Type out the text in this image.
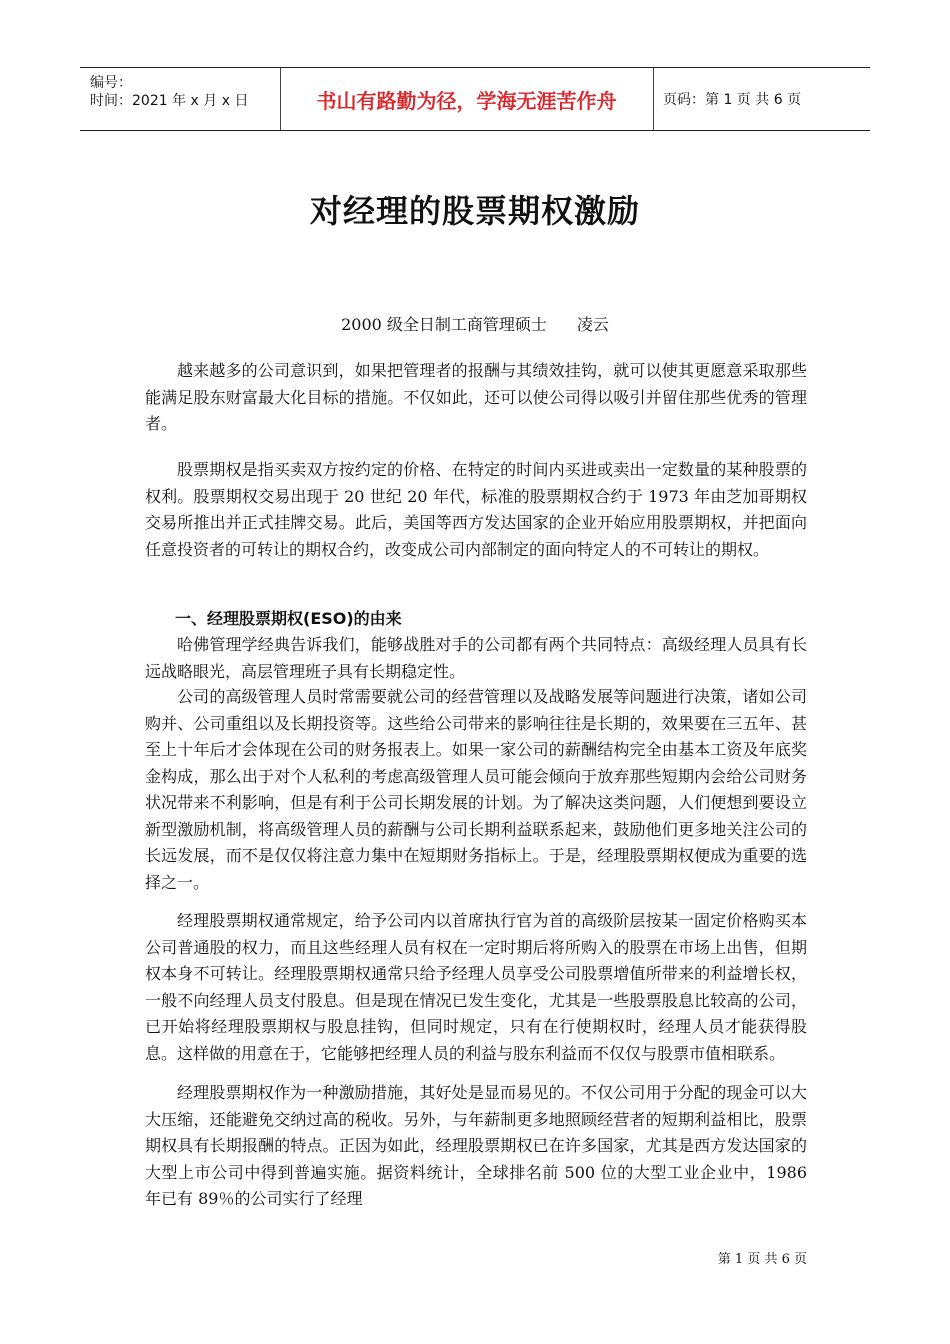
编号：
时间：2021 年 x 月 x 日	书山有路勤为径，学海无涯苦作舟	页码：第 1 页 共 6 页
对经理的股票期权激励
2000 级全日制工商管理硕士 凌云

越来越多的公司意识到，如果把管理者的报酬与其绩效挂钩，就可以使其更愿意采取那些能满足股东财富最大化目标的措施。不仅如此，还可以使公司得以吸引并留住那些优秀的管理者。

股票期权是指买卖双方按约定的价格、在特定的时间内买进或卖出一定数量的某种股票的权利。股票期权交易出现于 20 世纪 20 年代，标准的股票期权合约于 1973 年由芝加哥期权交易所推出并正式挂牌交易。此后，美国等西方发达国家的企业开始应用股票期权，并把面向任意投资者的可转让的期权合约，改变成公司内部制定的面向特定人的不可转让的期权。

一、经理股票期权(ESO)的由来

哈佛管理学经典告诉我们，能够战胜对手的公司都有两个共同特点：高级经理人员具有长远战略眼光，高层管理班子具有长期稳定性。

公司的高级管理人员时常需要就公司的经营管理以及战略发展等问题进行决策，诸如公司购并、公司重组以及长期投资等。这些给公司带来的影响往往是长期的，效果要在三五年、甚至上十年后才会体现在公司的财务报表上。如果一家公司的薪酬结构完全由基本工资及年底奖金构成，那么出于对个人私利的考虑高级管理人员可能会倾向于放弃那些短期内会给公司财务状况带来不利影响，但是有利于公司长期发展的计划。为了解决这类问题，人们便想到要设立新型激励机制，将高级管理人员的薪酬与公司长期利益联系起来，鼓励他们更多地关注公司的长远发展，而不是仅仅将注意力集中在短期财务指标上。于是，经理股票期权便成为重要的选择之一。

经理股票期权通常规定，给予公司内以首席执行官为首的高级阶层按某一固定价格购买本公司普通股的权力，而且这些经理人员有权在一定时期后将所购入的股票在市场上出售，但期权本身不可转让。经理股票期权通常只给予经理人员享受公司股票增值所带来的利益增长权，一般不向经理人员支付股息。但是现在情况已发生变化，尤其是一些股票股息比较高的公司，已开始将经理股票期权与股息挂钩，但同时规定，只有在行使期权时，经理人员才能获得股息。这样做的用意在于，它能够把经理人员的利益与股东利益而不仅仅与股票市值相联系。

经理股票期权作为一种激励措施，其好处是显而易见的。不仅公司用于分配的现金可以大大压缩，还能避免交纳过高的税收。另外，与年薪制更多地照顾经营者的短期利益相比，股票期权具有长期报酬的特点。正因为如此，经理股票期权已在许多国家，尤其是西方发达国家的大型上市公司中得到普遍实施。据资料统计，全球排名前 500 位的大型工业企业中，1986 年已有 89％的公司实行了经理

第 1 页 共 6 页
